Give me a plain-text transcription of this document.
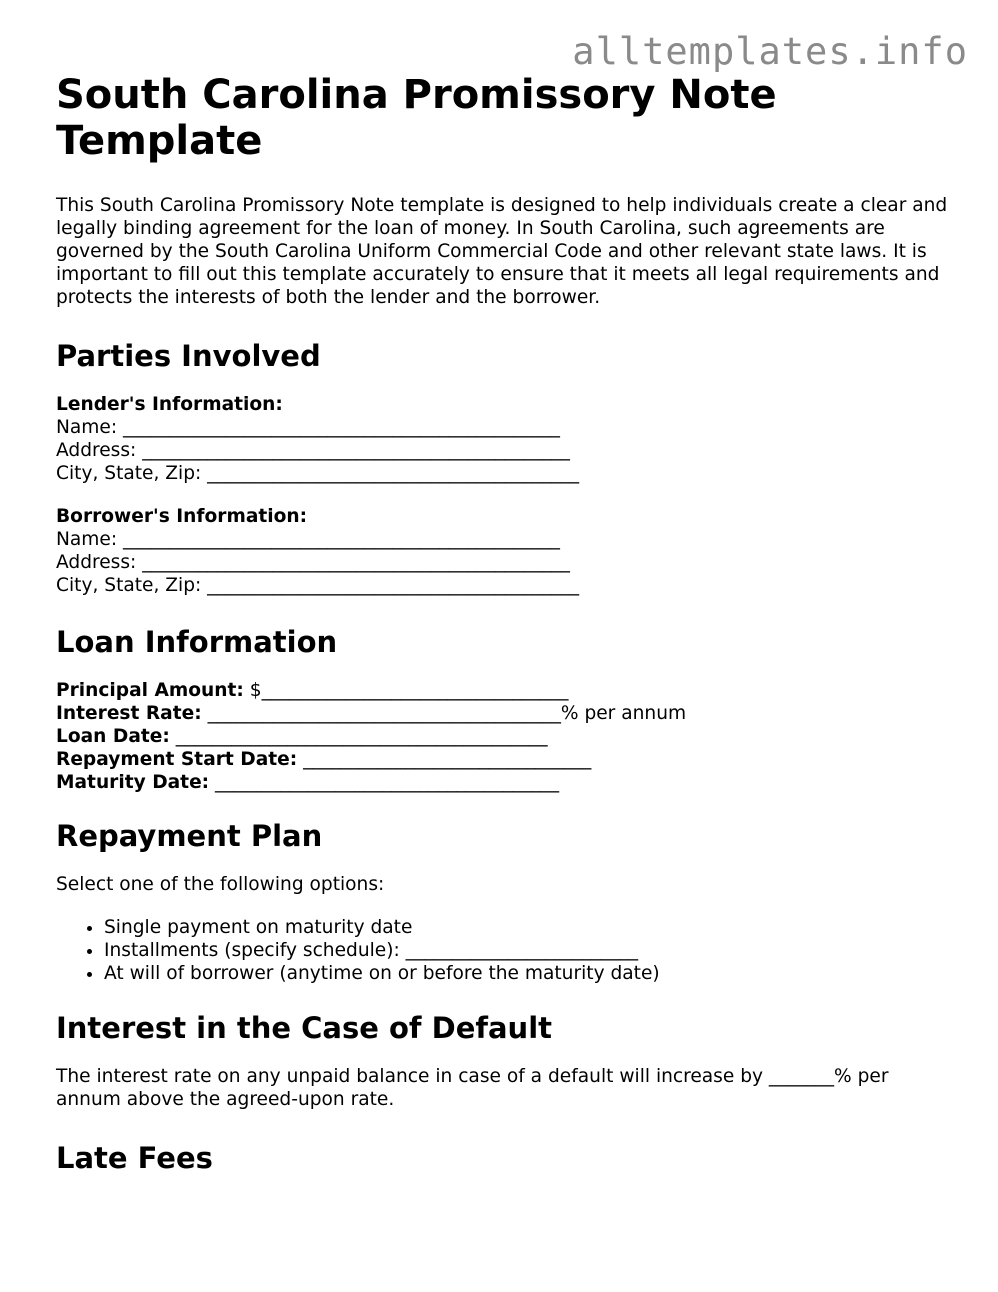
alltemplates.info
South Carolina Promissory Note Template

This South Carolina Promissory Note template is designed to help individuals create a clear and legally binding agreement for the loan of money. In South Carolina, such agreements are governed by the South Carolina Uniform Commercial Code and other relevant state laws. It is important to fill out this template accurately to ensure that it meets all legal requirements and protects the interests of both the lender and the borrower.

Parties Involved
Lender's Information:
Name: _______________________________________________
Address: ______________________________________________
City, State, Zip: ________________________________________
Borrower's Information:
Name: _______________________________________________
Address: ______________________________________________
City, State, Zip: ________________________________________
Loan Information
Principal Amount: $_________________________________
Interest Rate: ______________________________________% per annum
Loan Date: ________________________________________
Repayment Start Date: _______________________________
Maturity Date: _____________________________________
Repayment Plan

Select one of the following options:

• Single payment on maturity date
• Installments (specify schedule): _________________________
• At will of borrower (anytime on or before the maturity date)
Interest in the Case of Default

The interest rate on any unpaid balance in case of a default will increase by _______% per annum above the agreed-upon rate.

Late Fees
